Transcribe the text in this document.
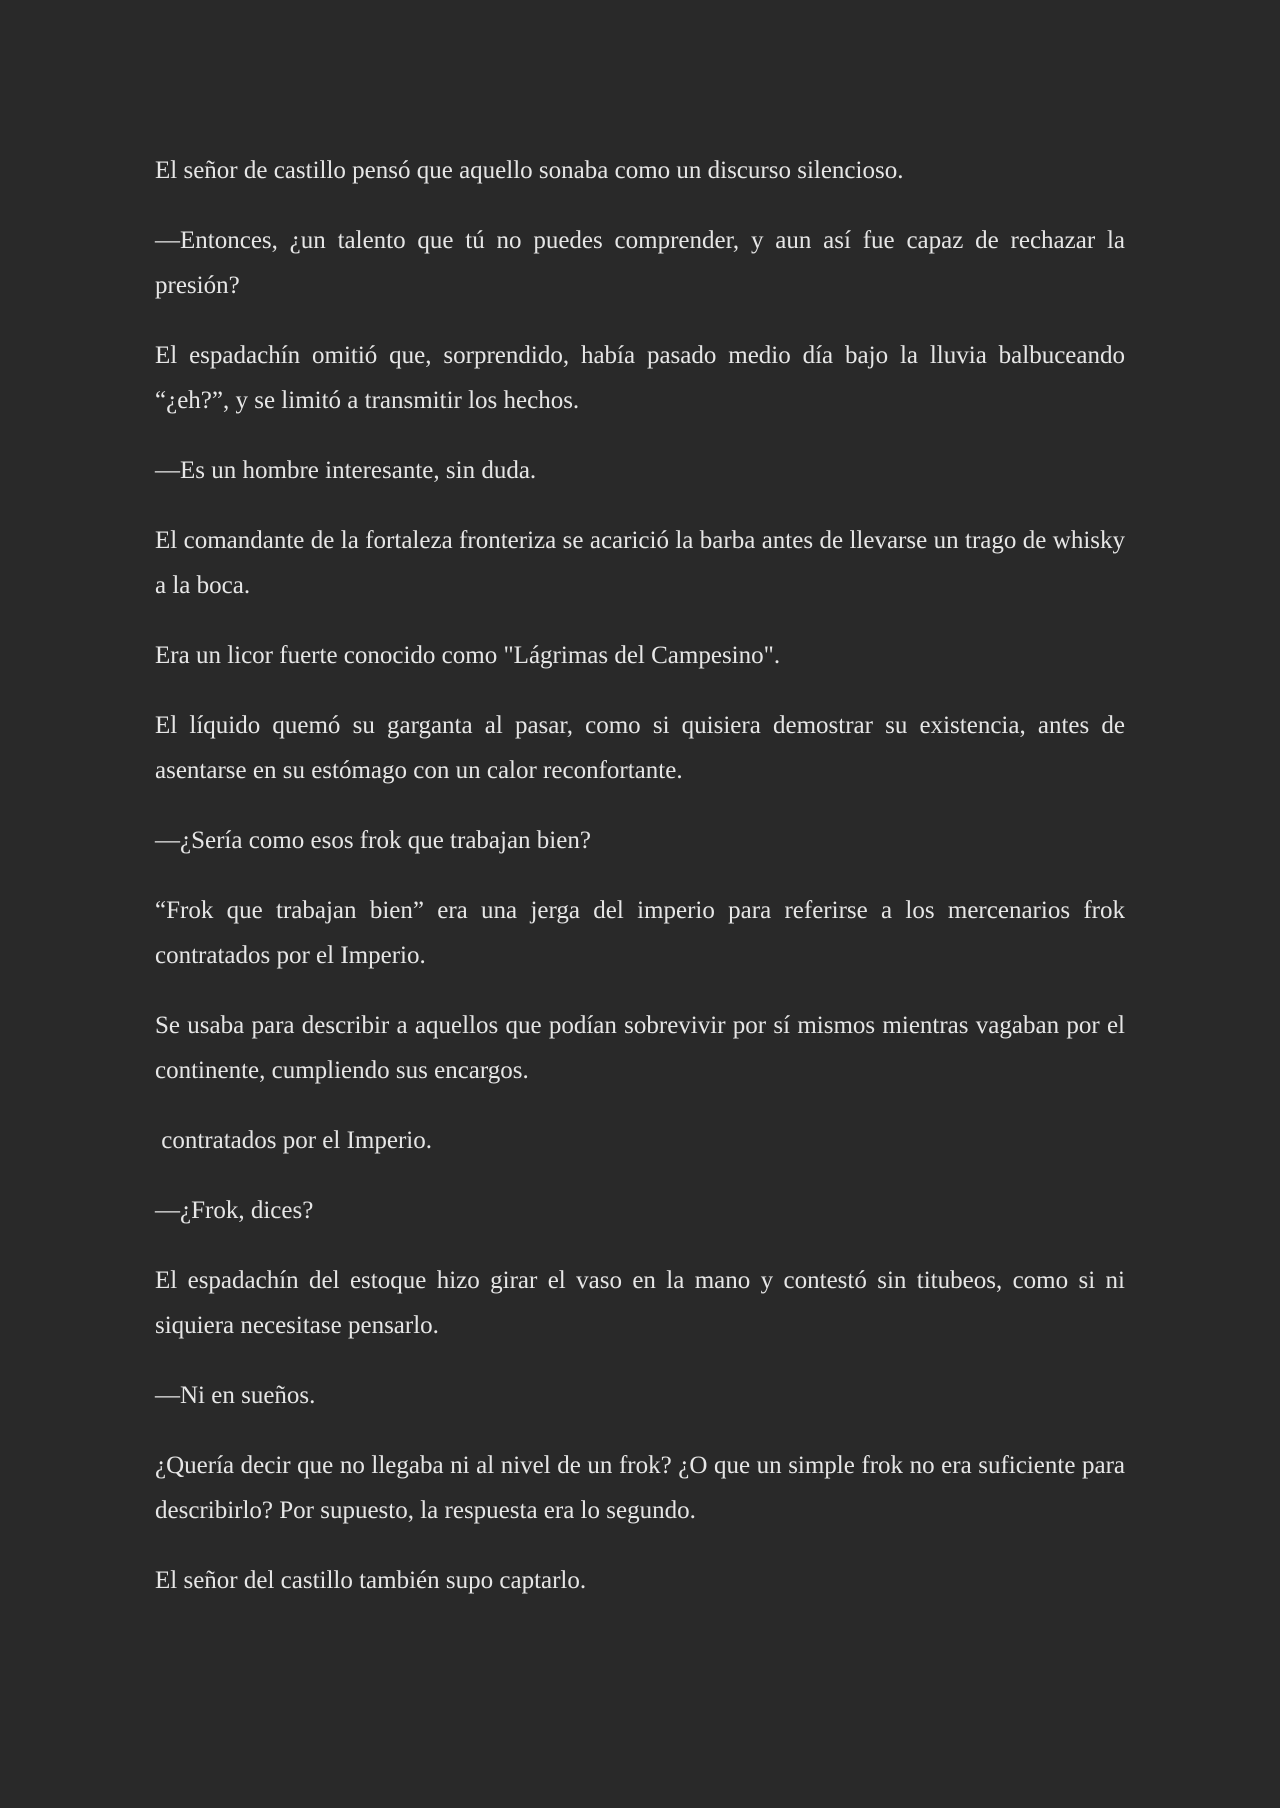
El señor de castillo pensó que aquello sonaba como un discurso silencioso.

—Entonces, ¿un talento que tú no puedes comprender, y aun así fue capaz de rechazar la presión?

El espadachín omitió que, sorprendido, había pasado medio día bajo la lluvia balbuceando “¿eh?”, y se limitó a transmitir los hechos.

—Es un hombre interesante, sin duda.

El comandante de la fortaleza fronteriza se acarició la barba antes de llevarse un trago de whisky a la boca.

Era un licor fuerte conocido como "Lágrimas del Campesino".

El líquido quemó su garganta al pasar, como si quisiera demostrar su existencia, antes de asentarse en su estómago con un calor reconfortante.

—¿Sería como esos frok que trabajan bien?

“Frok que trabajan bien” era una jerga del imperio para referirse a los mercenarios frok contratados por el Imperio.

Se usaba para describir a aquellos que podían sobrevivir por sí mismos mientras vagaban por el continente, cumpliendo sus encargos.

contratados por el Imperio.

—¿Frok, dices?

El espadachín del estoque hizo girar el vaso en la mano y contestó sin titubeos, como si ni siquiera necesitase pensarlo.

—Ni en sueños.

¿Quería decir que no llegaba ni al nivel de un frok? ¿O que un simple frok no era suficiente para describirlo? Por supuesto, la respuesta era lo segundo.

El señor del castillo también supo captarlo.
